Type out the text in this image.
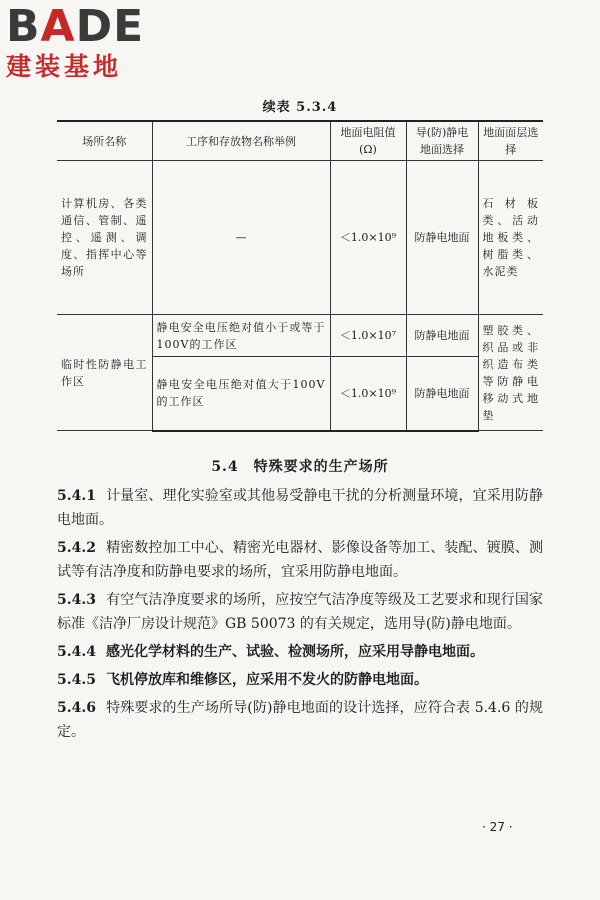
BADE
建装基地
续表 5.3.4
场所名称	工序和存放物名称举例	地面电阻值(Ω)	导(防)静电地面选择	地面面层选择
计算机房、各类通信、管制、遥控、遥测、调度、指挥中心等场所	—	＜1.0×10⁹	防静电地面	石材板类、活动地板类、树脂类、水泥类
临时性防静电工作区	静电安全电压绝对值小于或等于100V的工作区	＜1.0×10⁷	防静电地面	塑胶类、织品或非织造布类等防静电移动式地垫
	静电安全电压绝对值大于100V的工作区	＜1.0×10⁹	防静电地面	
5.4　特殊要求的生产场所

5.4.1 计量室、理化实验室或其他易受静电干扰的分析测量环境，宜采用防静电地面。

5.4.2 精密数控加工中心、精密光电器材、影像设备等加工、装配、镀膜、测试等有洁净度和防静电要求的场所，宜采用防静电地面。

5.4.3 有空气洁净度要求的场所，应按空气洁净度等级及工艺要求和现行国家标准《洁净厂房设计规范》GB 50073 的有关规定，选用导(防)静电地面。

5.4.4 感光化学材料的生产、试验、检测场所，应采用导静电地面。

5.4.5 飞机停放库和维修区，应采用不发火的防静电地面。

5.4.6 特殊要求的生产场所导(防)静电地面的设计选择，应符合表 5.4.6 的规定。

· 27 ·
